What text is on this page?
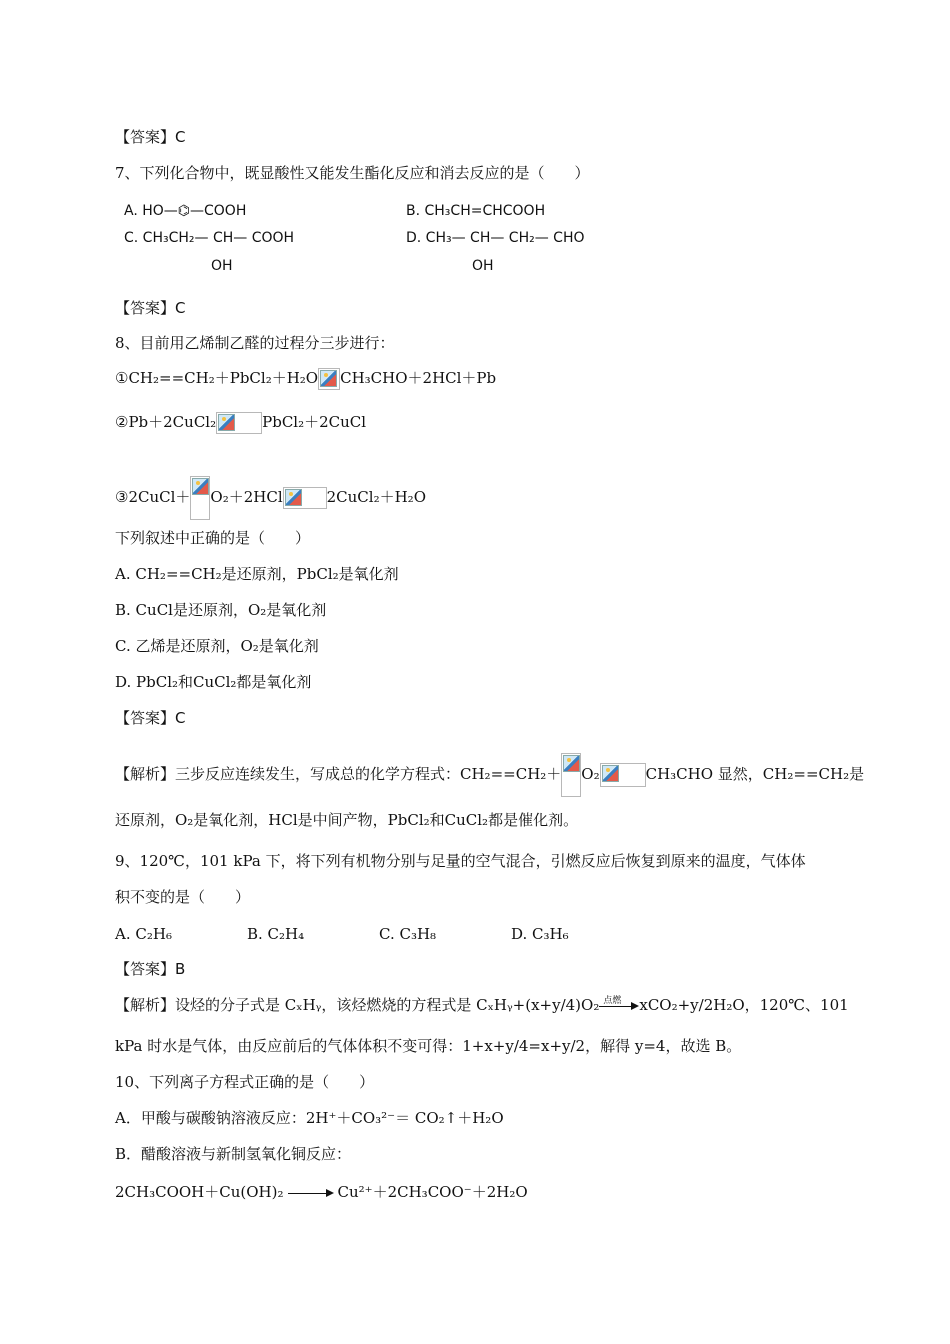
【答案】C
7、下列化合物中，既显酸性又能发生酯化反应和消去反应的是（　　）
A. HO—⌬—COOH	B. CH₃CH=CHCOOH
C. CH₃CH₂— CH— COOH
OH
D. CH₃— CH— CH₂— CHO
OH
【答案】C
8、目前用乙烯制乙醛的过程分三步进行：
①CH₂==CH₂＋PbCl₂＋H₂O CH₃CHO＋2HCl＋Pb
②Pb＋2CuCl₂	PbCl₂＋2CuCl
③2CuCl＋ O₂＋2HCl	2CuCl₂＋H₂O
下列叙述中正确的是（　　）
A. CH₂==CH₂是还原剂，PbCl₂是氧化剂
B. CuCl是还原剂，O₂是氧化剂
C. 乙烯是还原剂，O₂是氧化剂
D. PbCl₂和CuCl₂都是氧化剂
【答案】C
【解析】三步反应连续发生，写成总的化学方程式：CH₂==CH₂＋ O₂	CH₃CHO 显然，CH₂==CH₂是
还原剂，O₂是氧化剂，HCl是中间产物，PbCl₂和CuCl₂都是催化剂。
9、120℃，101 kPa 下，将下列有机物分别与足量的空气混合，引燃反应后恢复到原来的温度，气体体
积不变的是（　　）
A. C₂H₆	B. C₂H₄	C. C₃H₈	D. C₃H₆
【答案】B
【解析】设烃的分子式是 CₓHᵧ，该烃燃烧的方程式是 CₓHᵧ+(x+y/4)O₂ 点燃 xCO₂+y/2H₂O，120℃、101
kPa 时水是气体，由反应前后的气体体积不变可得：1+x+y/4=x+y/2，解得 y=4，故选 B。
10、下列离子方程式正确的是（　　）
A．甲酸与碳酸钠溶液反应：2H⁺＋CO₃²⁻＝ CO₂↑＋H₂O
B．醋酸溶液与新制氢氧化铜反应：
2CH₃COOH＋Cu(OH)₂	Cu²⁺＋2CH₃COO⁻＋2H₂O
